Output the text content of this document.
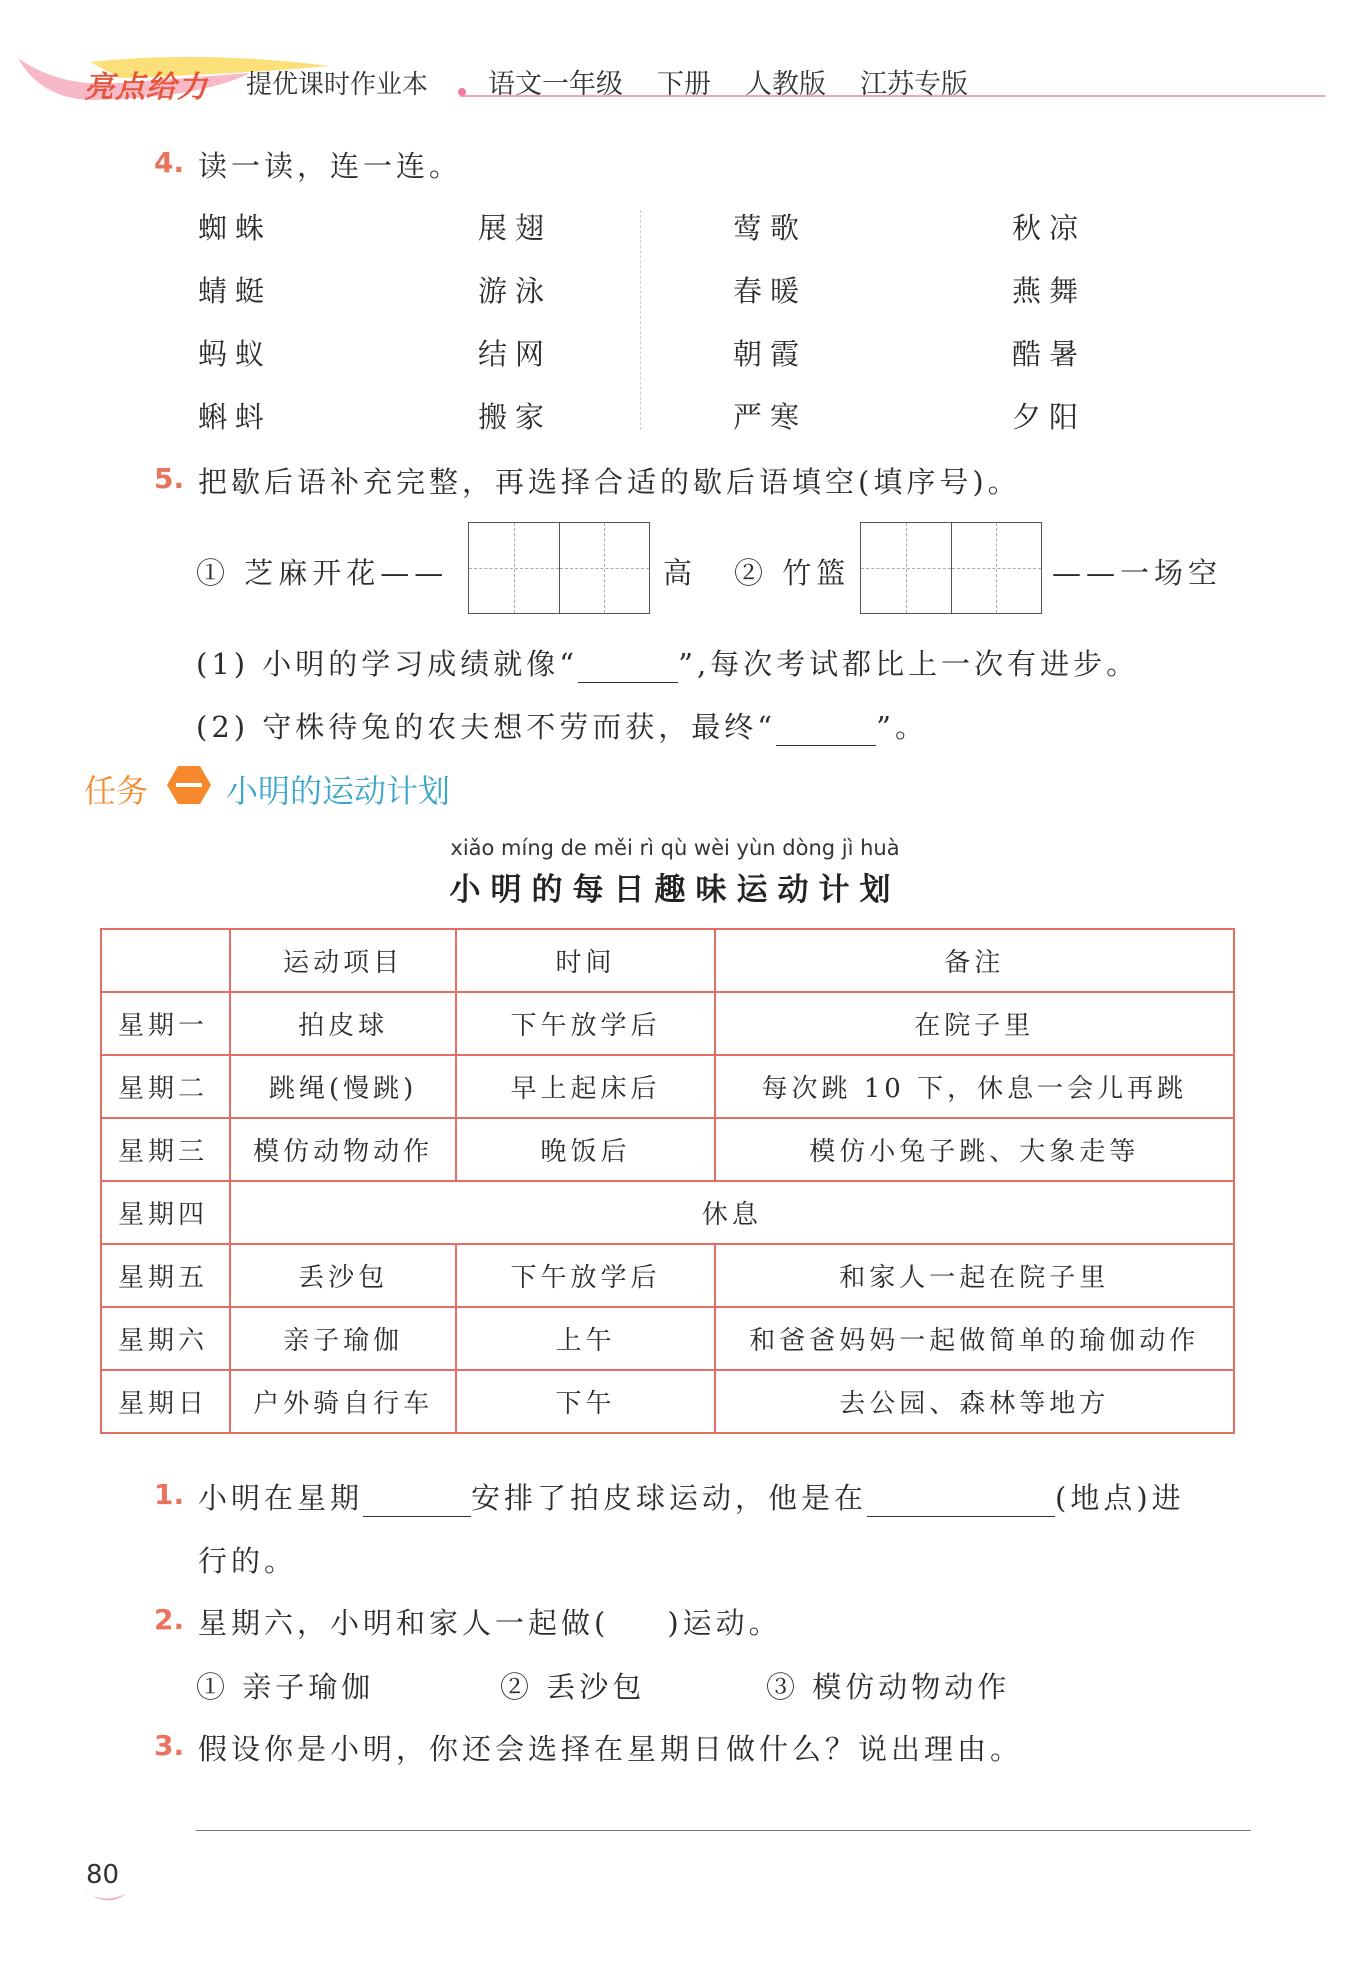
亮点给力 提优课时作业本 语文一年级 下册 人教版 江苏专版
4. 读一读，连一连。
蜘蛛	展翅	莺歌	秋凉
蜻蜓	游泳	春暖	燕舞
蚂蚁	结网	朝霞	酷暑
蝌蚪	搬家	严寒	夕阳
5. 把歇后语补充完整，再选择合适的歇后语填空(填序号)。
① 芝麻开花——	高 ② 竹篮	——一场空
(1) 小明的学习成绩就像“	”,每次考试都比上一次有进步。
(2) 守株待兔的农夫想不劳而获，最终“	”。
任务 小明的运动计划
xiǎo míng de měi rì qù wèi yùn dòng jì huà
小明的每日趣味运动计划
	运动项目	时间	备注
星期一	拍皮球	下午放学后	在院子里
星期二	跳绳(慢跳)	早上起床后	每次跳 10 下，休息一会儿再跳
星期三	模仿动物动作	晚饭后	模仿小兔子跳、大象走等
星期四	休息		
星期五	丢沙包	下午放学后	和家人一起在院子里
星期六	亲子瑜伽	上午	和爸爸妈妈一起做简单的瑜伽动作
星期日	户外骑自行车	下午	去公园、森林等地方
1. 小明在星期	安排了拍皮球运动，他是在	(地点)进
行的。
2. 星期六，小明和家人一起做( )运动。
① 亲子瑜伽	② 丢沙包	③ 模仿动物动作
3. 假设你是小明，你还会选择在星期日做什么？说出理由。
80
